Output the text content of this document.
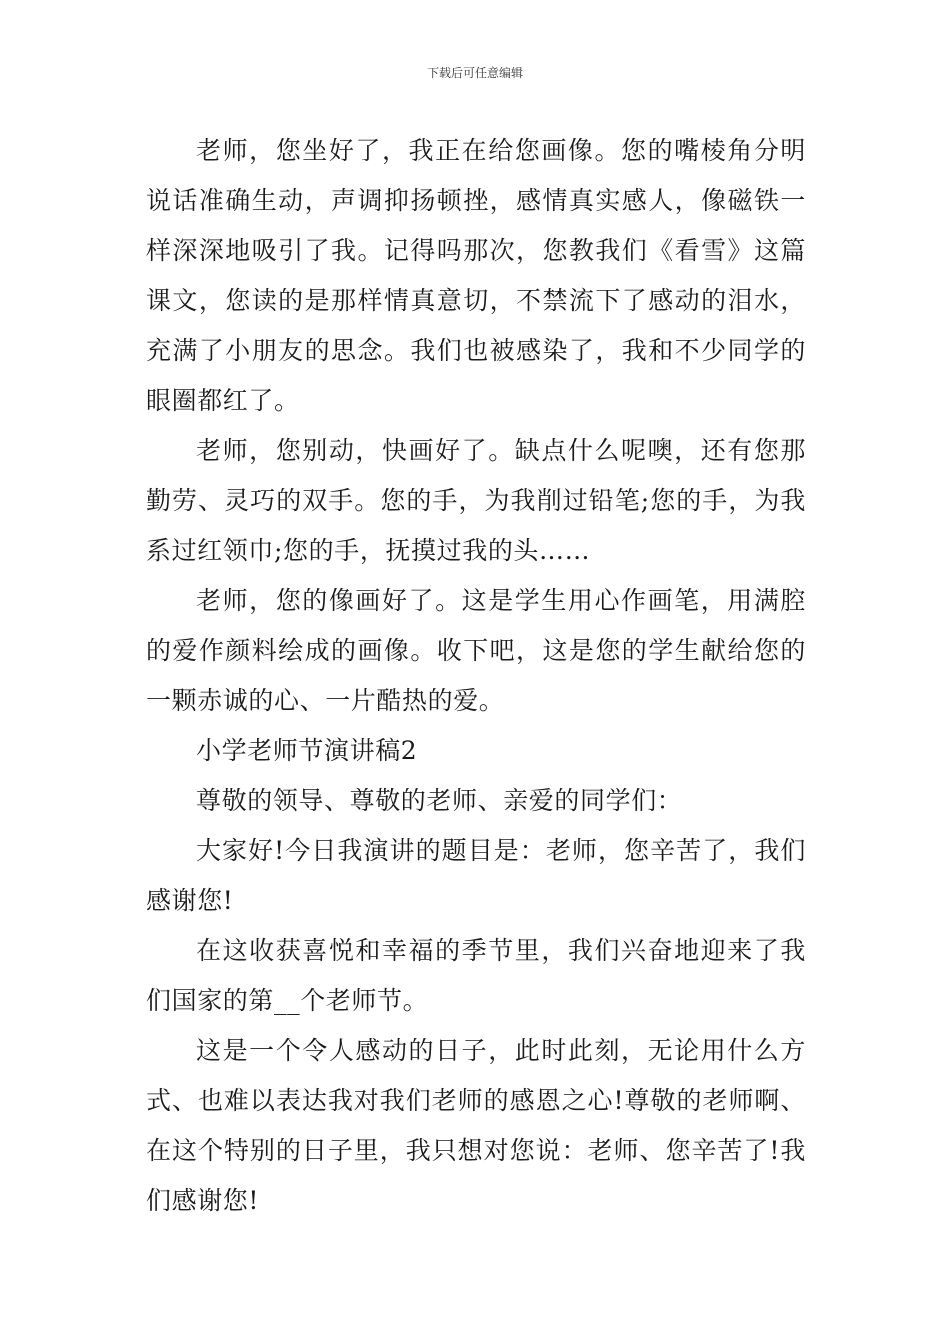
下载后可任意编辑

老师，您坐好了，我正在给您画像。您的嘴棱角分明说话准确生动，声调抑扬顿挫，感情真实感人，像磁铁一样深深地吸引了我。记得吗那次，您教我们《看雪》这篇课文，您读的是那样情真意切，不禁流下了感动的泪水，充满了小朋友的思念。我们也被感染了，我和不少同学的眼圈都红了。

老师，您别动，快画好了。缺点什么呢噢，还有您那勤劳、灵巧的双手。您的手，为我削过铅笔;您的手，为我系过红领巾;您的手，抚摸过我的头……

老师，您的像画好了。这是学生用心作画笔，用满腔的爱作颜料绘成的画像。收下吧，这是您的学生献给您的一颗赤诚的心、一片酷热的爱。

小学老师节演讲稿2

尊敬的领导、尊敬的老师、亲爱的同学们：

大家好!今日我演讲的题目是：老师，您辛苦了，我们感谢您!

在这收获喜悦和幸福的季节里，我们兴奋地迎来了我们国家的第__个老师节。

这是一个令人感动的日子，此时此刻，无论用什么方式、也难以表达我对我们老师的感恩之心!尊敬的老师啊、在这个特别的日子里，我只想对您说：老师、您辛苦了!我们感谢您!
